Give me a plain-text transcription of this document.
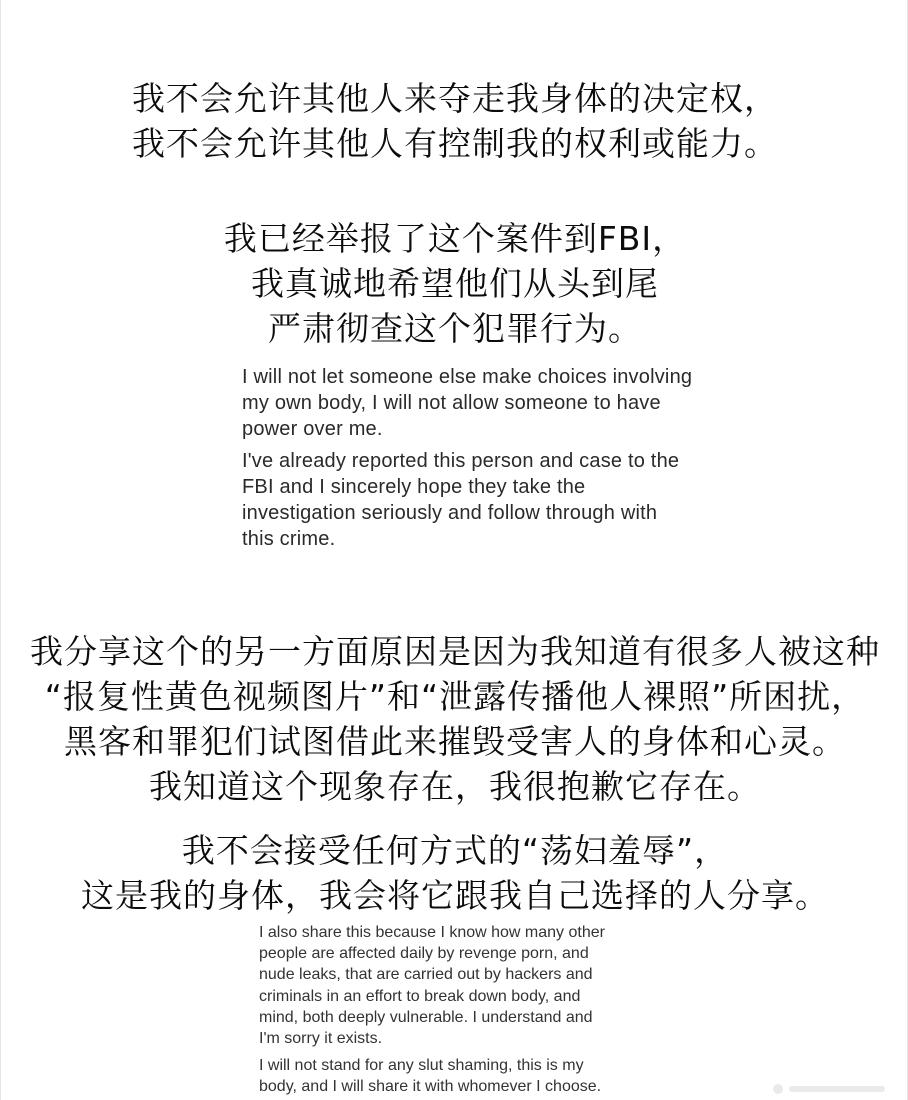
我不会允许其他人来夺走我身体的决定权，
我不会允许其他人有控制我的权利或能力。
我已经举报了这个案件到FBI，
我真诚地希望他们从头到尾
严肃彻查这个犯罪行为。

I will not let someone else make choices involving

my own body, I will not allow someone to have

power over me.

I've already reported this person and case to the

FBI and I sincerely hope they take the

investigation seriously and follow through with

this crime.

我分享这个的另一方面原因是因为我知道有很多人被这种
“报复性黄色视频图片”和“泄露传播他人裸照”所困扰，
黑客和罪犯们试图借此来摧毁受害人的身体和心灵。
我知道这个现象存在，我很抱歉它存在。
我不会接受任何方式的“荡妇羞辱”，
这是我的身体，我会将它跟我自己选择的人分享。

I also share this because I know how many other

people are affected daily by revenge porn, and

nude leaks, that are carried out by hackers and

criminals in an effort to break down body, and

mind, both deeply vulnerable. I understand and

I'm sorry it exists.

I will not stand for any slut shaming, this is my

body, and I will share it with whomever I choose.
